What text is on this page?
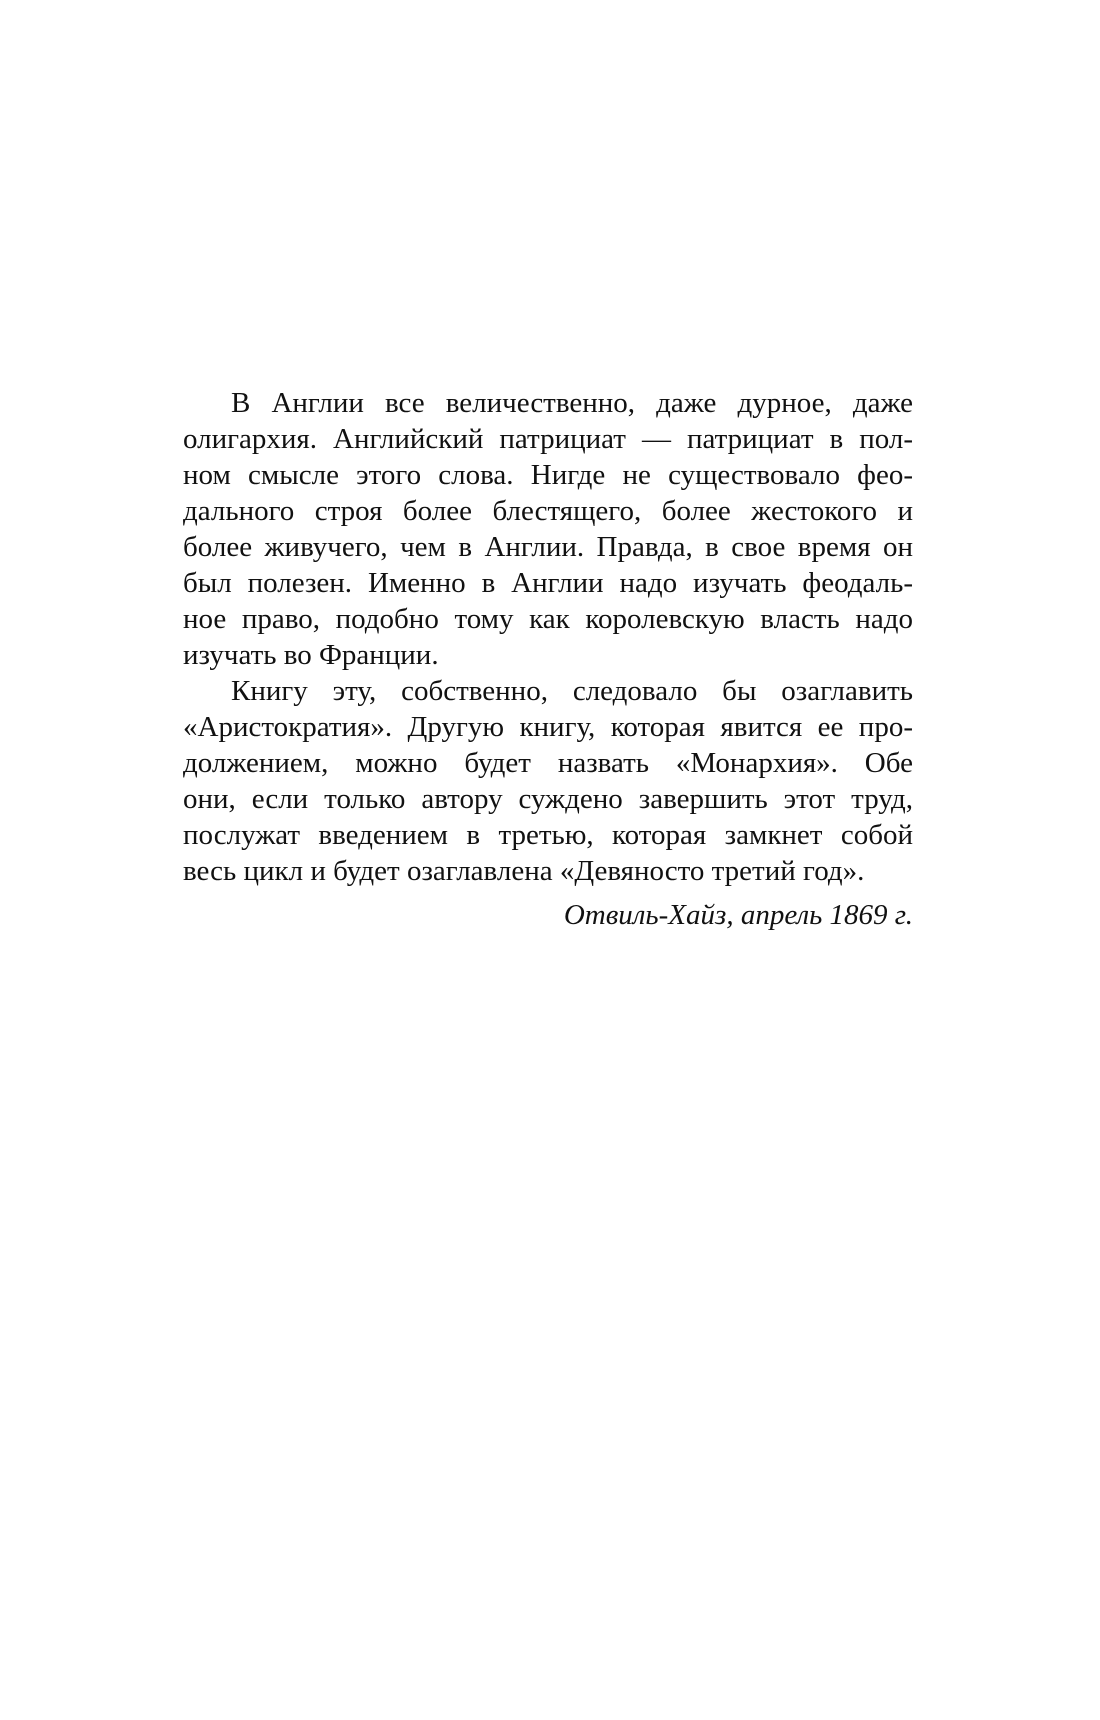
В Англии все величественно, даже дурное, даже
олигархия. Английский патрициат — патрициат в пол-
ном смысле этого слова. Нигде не существовало фео-
дального строя более блестящего, более жестокого и
более живучего, чем в Англии. Правда, в свое время он
был полезен. Именно в Англии надо изучать феодаль-
ное право, подобно тому как королевскую власть надо
изучать во Франции.
Книгу эту, собственно, следовало бы озаглавить
«Аристократия». Другую книгу, которая явится ее про-
должением, можно будет назвать «Монархия». Обе
они, если только автору суждено завершить этот труд,
послужат введением в третью, которая замкнет собой
весь цикл и будет озаглавлена «Девяносто третий год».
Отвиль-Хайз, апрель 1869 г.
